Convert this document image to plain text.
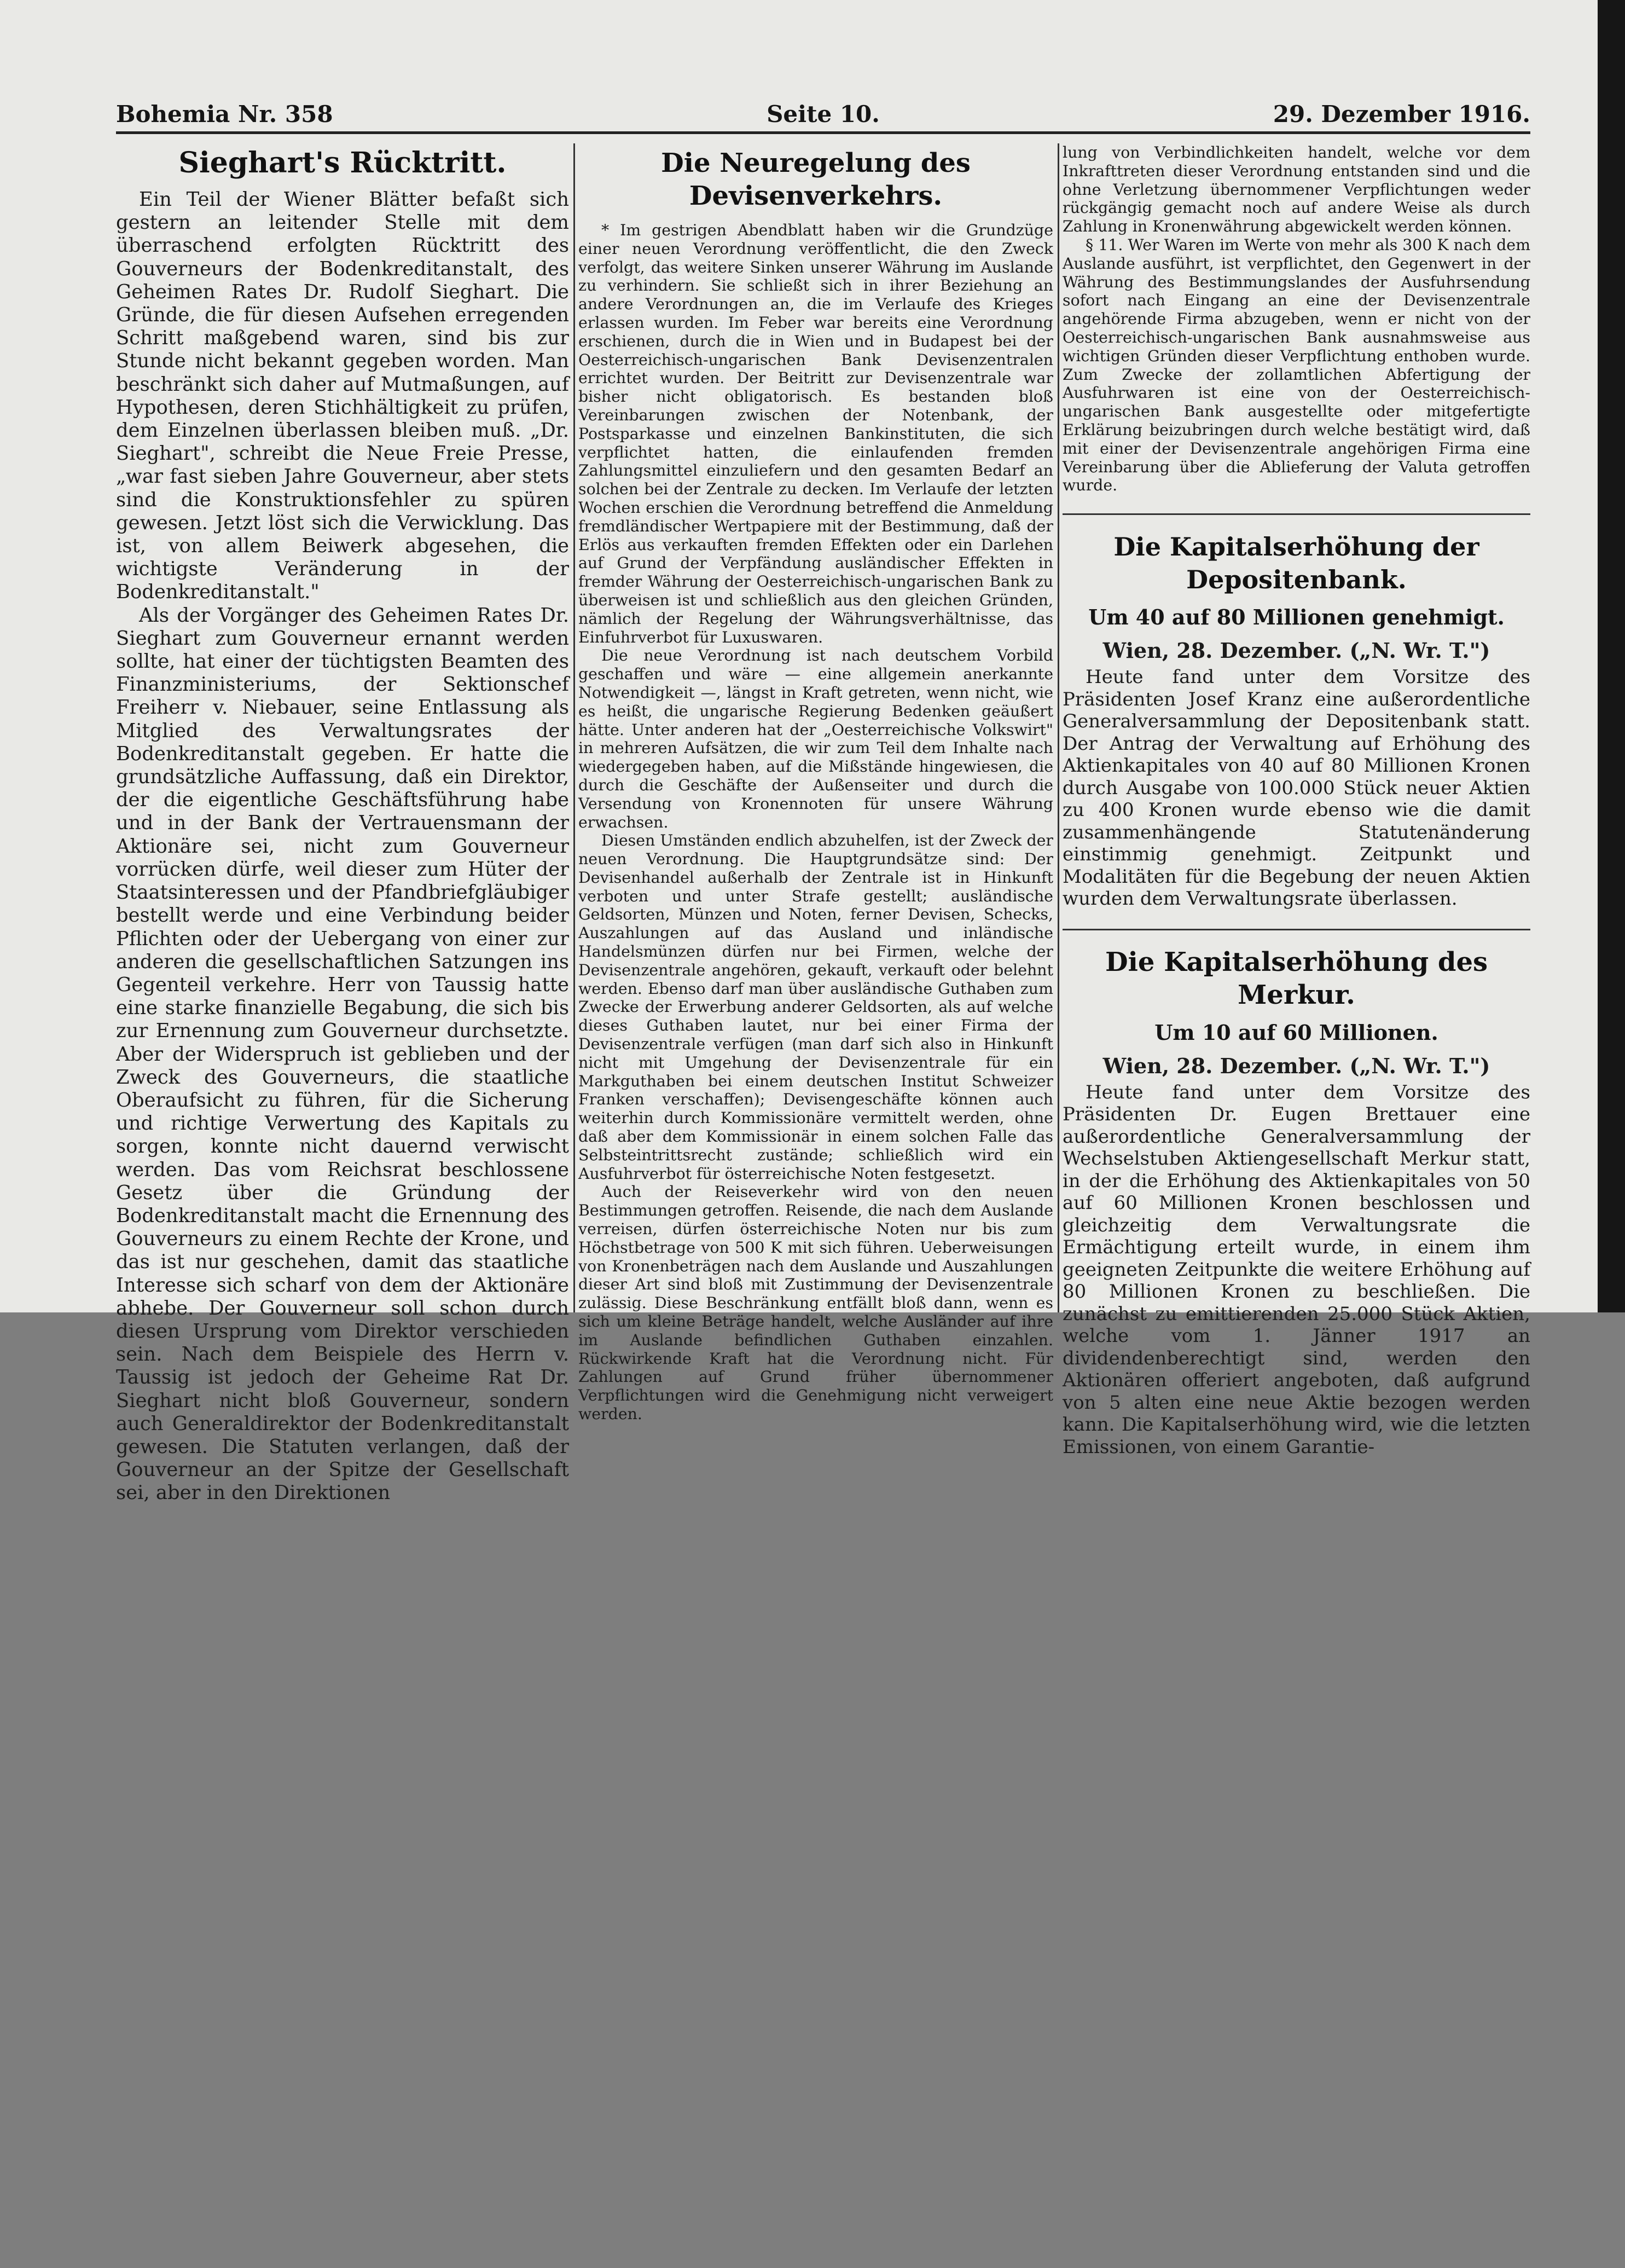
Bohemia Nr. 358	Seite 10.	29. Dezember 1916.
Sieghart's Rücktritt.

Ein Teil der Wiener Blätter befaßt sich gestern an leitender Stelle mit dem überraschend erfolgten Rücktritt des Gouverneurs der Bodenkreditanstalt, des Geheimen Rates Dr. Rudolf Sieghart. Die Gründe, die für diesen Aufsehen erregenden Schritt maßgebend waren, sind bis zur Stunde nicht bekannt gegeben worden. Man beschränkt sich daher auf Mutmaßungen, auf Hypothesen, deren Stichhältigkeit zu prüfen, dem Einzelnen überlassen bleiben muß. „Dr. Sieghart", schreibt die Neue Freie Presse, „war fast sieben Jahre Gouverneur, aber stets sind die Konstruktionsfehler zu spüren gewesen. Jetzt löst sich die Verwicklung. Das ist, von allem Beiwerk abgesehen, die wichtigste Veränderung in der Bodenkreditanstalt."

Als der Vorgänger des Geheimen Rates Dr. Sieghart zum Gouverneur ernannt werden sollte, hat einer der tüchtigsten Beamten des Finanzministeriums, der Sektionschef Freiherr v. Niebauer, seine Entlassung als Mitglied des Verwaltungsrates der Bodenkreditanstalt gegeben. Er hatte die grundsätzliche Auffassung, daß ein Direktor, der die eigentliche Geschäftsführung habe und in der Bank der Vertrauensmann der Aktionäre sei, nicht zum Gouverneur vorrücken dürfe, weil dieser zum Hüter der Staatsinteressen und der Pfandbriefgläubiger bestellt werde und eine Verbindung beider Pflichten oder der Uebergang von einer zur anderen die gesellschaftlichen Satzungen ins Gegenteil verkehre. Herr von Taussig hatte eine starke finanzielle Begabung, die sich bis zur Ernennung zum Gouverneur durchsetzte. Aber der Widerspruch ist geblieben und der Zweck des Gouverneurs, die staatliche Oberaufsicht zu führen, für die Sicherung und richtige Verwertung des Kapitals zu sorgen, konnte nicht dauernd verwischt werden. Das vom Reichsrat beschlossene Gesetz über die Gründung der Bodenkreditanstalt macht die Ernennung des Gouverneurs zu einem Rechte der Krone, und das ist nur geschehen, damit das staatliche Interesse sich scharf von dem der Aktionäre abhebe. Der Gouverneur soll schon durch diesen Ursprung vom Direktor verschieden sein. Nach dem Beispiele des Herrn v. Taussig ist jedoch der Geheime Rat Dr. Sieghart nicht bloß Gouverneur, sondern auch Generaldirektor der Bodenkreditanstalt gewesen. Die Statuten verlangen, daß der Gouverneur an der Spitze der Gesellschaft sei, aber in den Direktionen

Die Neuregelung des Devisenverkehrs.

* Im gestrigen Abendblatt haben wir die Grundzüge einer neuen Verordnung veröffentlicht, die den Zweck verfolgt, das weitere Sinken unserer Währung im Auslande zu verhindern. Sie schließt sich in ihrer Beziehung an andere Verordnungen an, die im Verlaufe des Krieges erlassen wurden. Im Feber war bereits eine Verordnung erschienen, durch die in Wien und in Budapest bei der Oesterreichisch-ungarischen Bank Devisenzentralen errichtet wurden. Der Beitritt zur Devisenzentrale war bisher nicht obligatorisch. Es bestanden bloß Vereinbarungen zwischen der Notenbank, der Postsparkasse und einzelnen Bankinstituten, die sich verpflichtet hatten, die einlaufenden fremden Zahlungsmittel einzuliefern und den gesamten Bedarf an solchen bei der Zentrale zu decken. Im Verlaufe der letzten Wochen erschien die Verordnung betreffend die Anmeldung fremdländischer Wertpapiere mit der Bestimmung, daß der Erlös aus verkauften fremden Effekten oder ein Darlehen auf Grund der Verpfändung ausländischer Effekten in fremder Währung der Oesterreichisch-ungarischen Bank zu überweisen ist und schließlich aus den gleichen Gründen, nämlich der Regelung der Währungsverhältnisse, das Einfuhrverbot für Luxuswaren.

Die neue Verordnung ist nach deutschem Vorbild geschaffen und wäre — eine allgemein anerkannte Notwendigkeit —, längst in Kraft getreten, wenn nicht, wie es heißt, die ungarische Regierung Bedenken geäußert hätte. Unter anderen hat der „Oesterreichische Volkswirt" in mehreren Aufsätzen, die wir zum Teil dem Inhalte nach wiedergegeben haben, auf die Mißstände hingewiesen, die durch die Geschäfte der Außenseiter und durch die Versendung von Kronennoten für unsere Währung erwachsen.

Diesen Umständen endlich abzuhelfen, ist der Zweck der neuen Verordnung. Die Hauptgrundsätze sind: Der Devisenhandel außerhalb der Zentrale ist in Hinkunft verboten und unter Strafe gestellt; ausländische Geldsorten, Münzen und Noten, ferner Devisen, Schecks, Auszahlungen auf das Ausland und inländische Handelsmünzen dürfen nur bei Firmen, welche der Devisenzentrale angehören, gekauft, verkauft oder belehnt werden. Ebenso darf man über ausländische Guthaben zum Zwecke der Erwerbung anderer Geldsorten, als auf welche dieses Guthaben lautet, nur bei einer Firma der Devisenzentrale verfügen (man darf sich also in Hinkunft nicht mit Umgehung der Devisenzentrale für ein Markguthaben bei einem deutschen Institut Schweizer Franken verschaffen); Devisengeschäfte können auch weiterhin durch Kommissionäre vermittelt werden, ohne daß aber dem Kommissionär in einem solchen Falle das Selbsteintrittsrecht zustände; schließlich wird ein Ausfuhrverbot für österreichische Noten festgesetzt.

Auch der Reiseverkehr wird von den neuen Bestimmungen getroffen. Reisende, die nach dem Auslande verreisen, dürfen österreichische Noten nur bis zum Höchstbetrage von 500 K mit sich führen. Ueberweisungen von Kronenbeträgen nach dem Auslande und Auszahlungen dieser Art sind bloß mit Zustimmung der Devisenzentrale zulässig. Diese Beschränkung entfällt bloß dann, wenn es sich um kleine Beträge handelt, welche Ausländer auf ihre im Auslande befindlichen Guthaben einzahlen. Rückwirkende Kraft hat die Verordnung nicht. Für Zahlungen auf Grund früher übernommener Verpflichtungen wird die Genehmigung nicht verweigert werden.

lung von Verbindlichkeiten handelt, welche vor dem Inkrafttreten dieser Verordnung entstanden sind und die ohne Verletzung übernommener Verpflichtungen weder rückgängig gemacht noch auf andere Weise als durch Zahlung in Kronenwährung abgewickelt werden können.

§ 11. Wer Waren im Werte von mehr als 300 K nach dem Auslande ausführt, ist verpflichtet, den Gegenwert in der Währung des Bestimmungslandes der Ausfuhrsendung sofort nach Eingang an eine der Devisenzentrale angehörende Firma abzugeben, wenn er nicht von der Oesterreichisch-ungarischen Bank ausnahmsweise aus wichtigen Gründen dieser Verpflichtung enthoben wurde. Zum Zwecke der zollamtlichen Abfertigung der Ausfuhrwaren ist eine von der Oesterreichisch-ungarischen Bank ausgestellte oder mitgefertigte Erklärung beizubringen durch welche bestätigt wird, daß mit einer der Devisenzentrale angehörigen Firma eine Vereinbarung über die Ablieferung der Valuta getroffen wurde.

Die Kapitalserhöhung der Depositenbank.
Um 40 auf 80 Millionen genehmigt.
Wien, 28. Dezember. („N. Wr. T.")

Heute fand unter dem Vorsitze des Präsidenten Josef Kranz eine außerordentliche Generalversammlung der Depositenbank statt. Der Antrag der Verwaltung auf Erhöhung des Aktienkapitales von 40 auf 80 Millionen Kronen durch Ausgabe von 100.000 Stück neuer Aktien zu 400 Kronen wurde ebenso wie die damit zusammenhängende Statutenänderung einstimmig genehmigt. Zeitpunkt und Modalitäten für die Begebung der neuen Aktien wurden dem Verwaltungsrate überlassen.

Die Kapitalserhöhung des Merkur.
Um 10 auf 60 Millionen.
Wien, 28. Dezember. („N. Wr. T.")

Heute fand unter dem Vorsitze des Präsidenten Dr. Eugen Brettauer eine außerordentliche Generalversammlung der Wechselstuben Aktiengesellschaft Merkur statt, in der die Erhöhung des Aktienkapitales von 50 auf 60 Millionen Kronen beschlossen und gleichzeitig dem Verwaltungsrate die Ermächtigung erteilt wurde, in einem ihm geeigneten Zeitpunkte die weitere Erhöhung auf 80 Millionen Kronen zu beschließen. Die zunächst zu emittierenden 25.000 Stück Aktien, welche vom 1. Jänner 1917 an dividendenberechtigt sind, werden den Aktionären offeriert angeboten, daß aufgrund von 5 alten eine neue Aktie bezogen werden kann. Die Kapitalserhöhung wird, wie die letzten Emissionen, von einem Garantie-
